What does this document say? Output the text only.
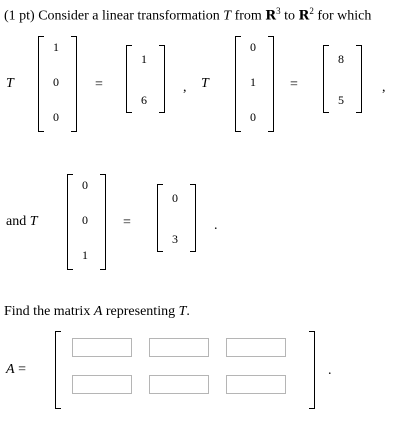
(1 pt) Consider a linear transformation T from $R^3$ to $R^2$ for which
T
1
0
0
=
1
6
, T
0
1
0
=
8
5
,
and T
0
0
1
=
0
3
.
Find the matrix A representing T.
A =	.
